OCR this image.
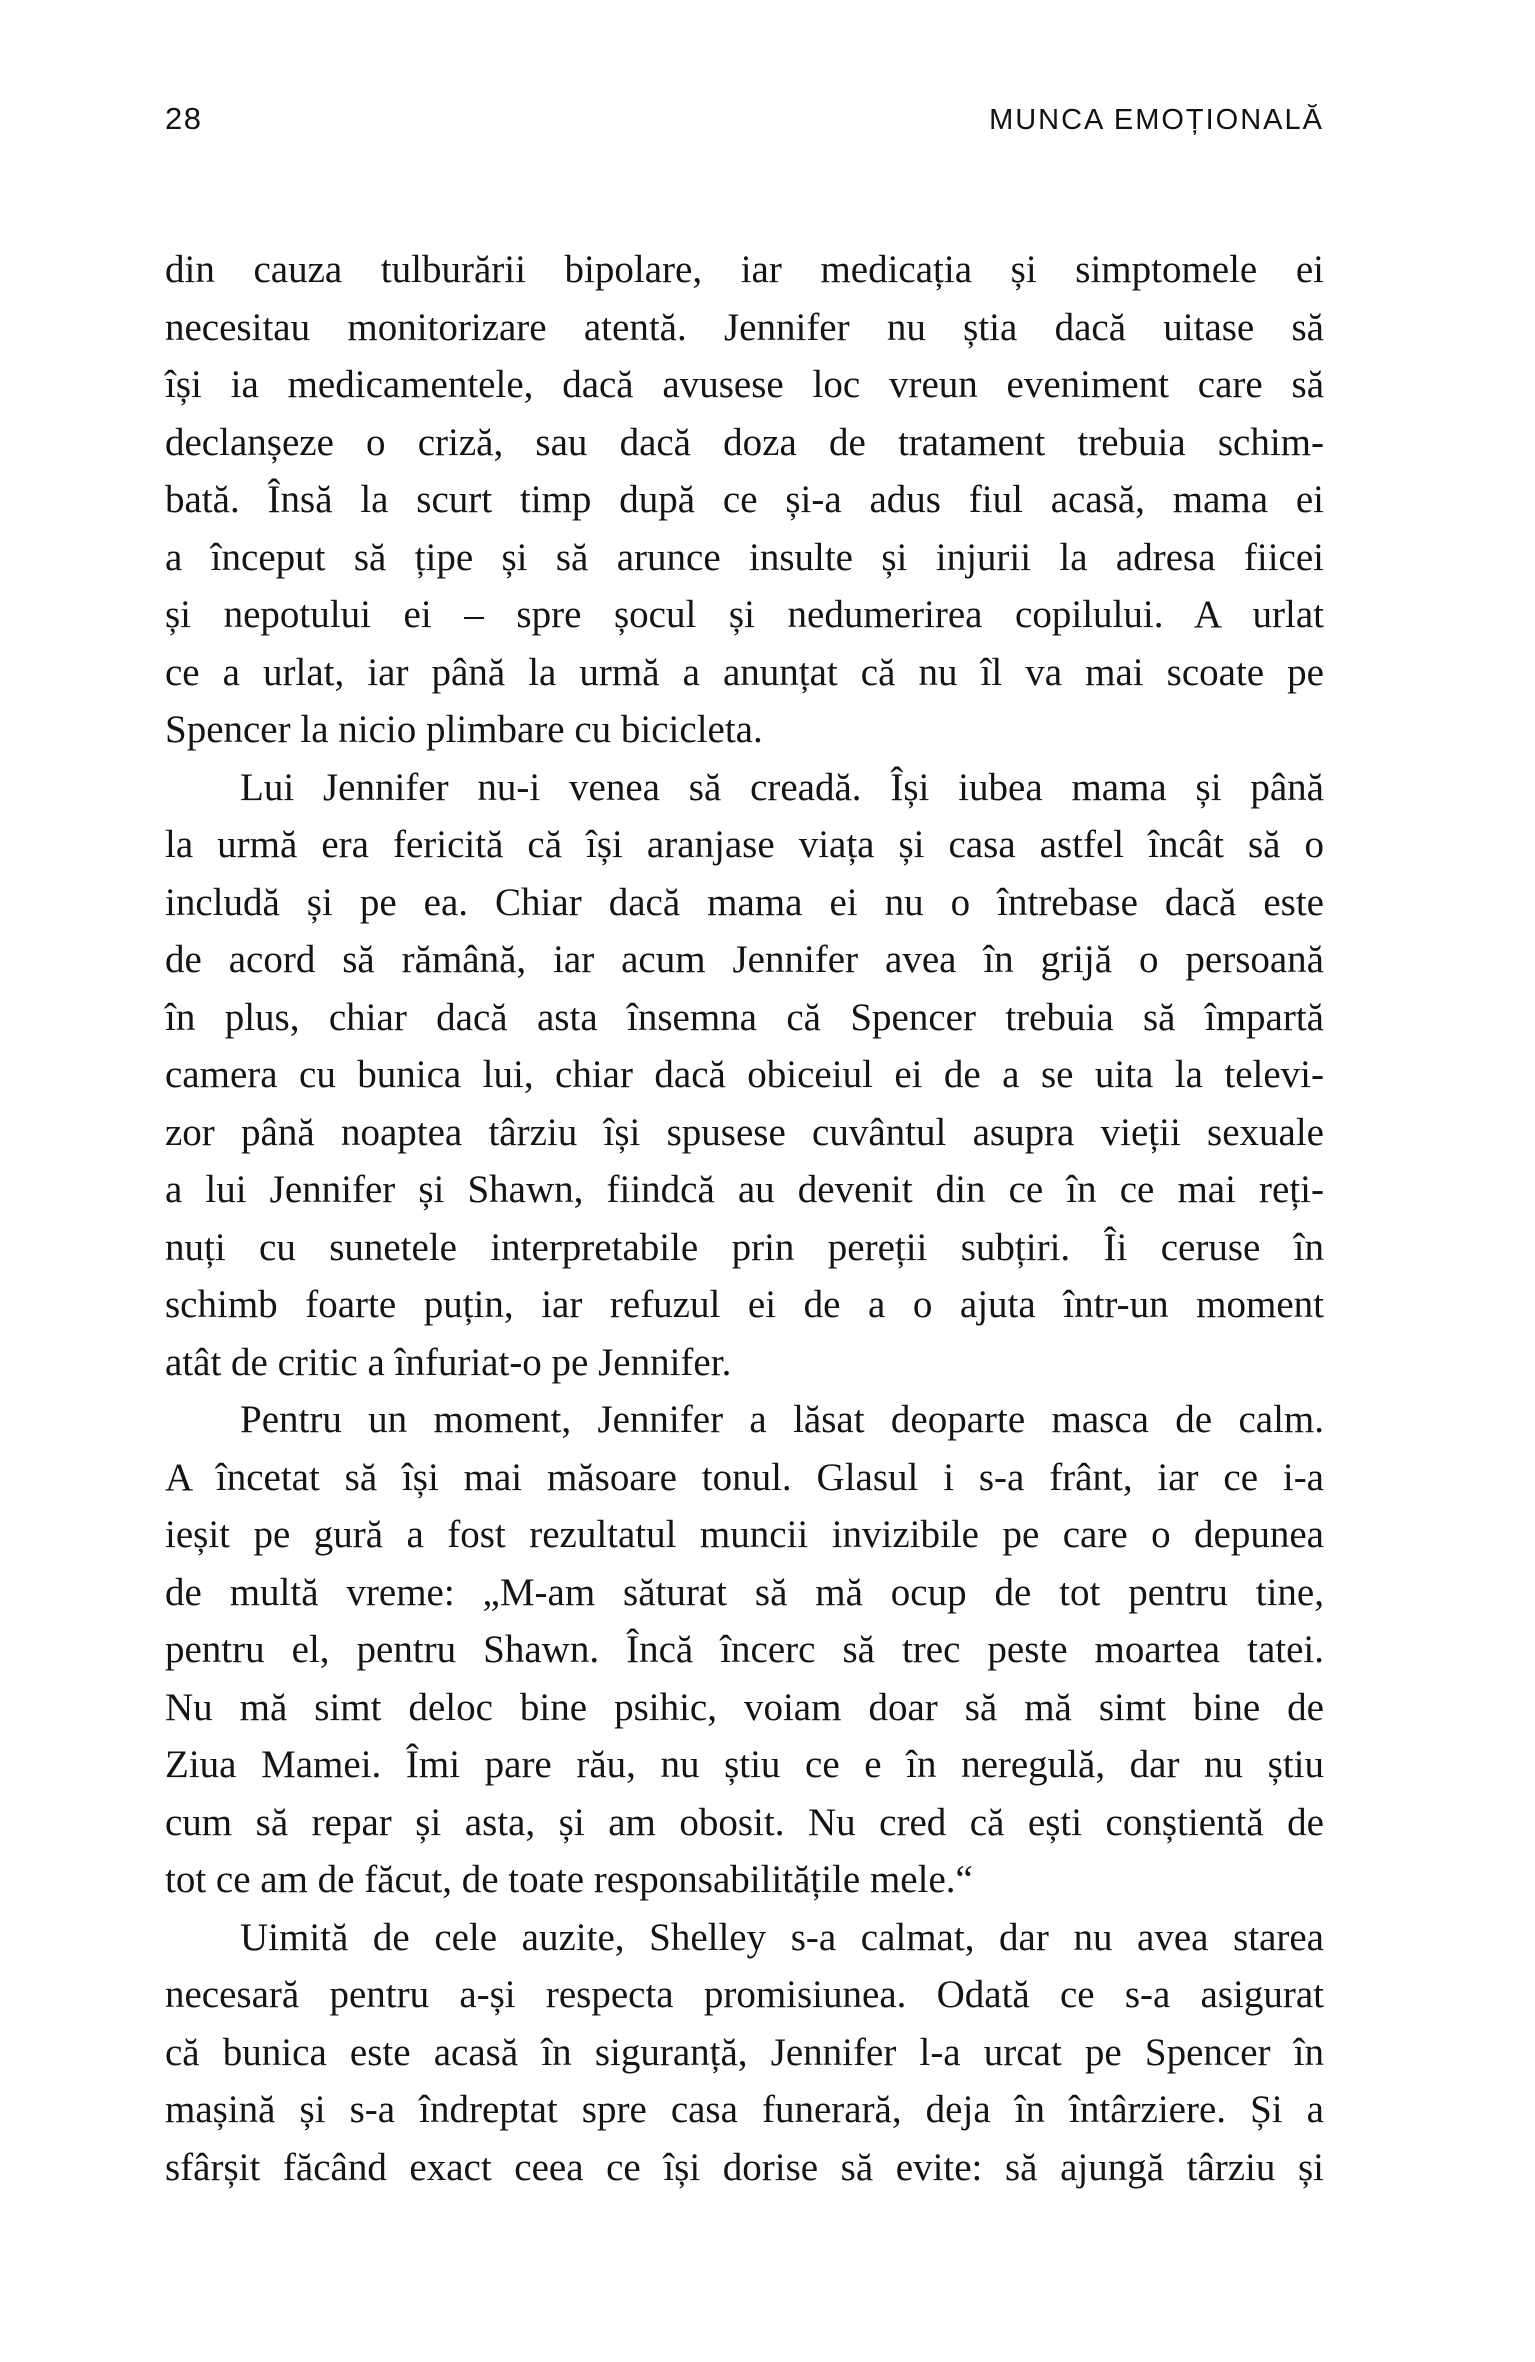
28	MUNCA EMOȚIONALĂ
din cauza tulburării bipolare, iar medicația și simptomele ei
necesitau monitorizare atentă. Jennifer nu știa dacă uitase să
își ia medicamentele, dacă avusese loc vreun eveniment care să
declanșeze o criză, sau dacă doza de tratament trebuia schim-
bată. Însă la scurt timp după ce și-a adus fiul acasă, mama ei
a început să țipe și să arunce insulte și injurii la adresa fiicei
și nepotului ei – spre șocul și nedumerirea copilului. A urlat
ce a urlat, iar până la urmă a anunțat că nu îl va mai scoate pe
Spencer la nicio plimbare cu bicicleta.
Lui Jennifer nu-i venea să creadă. Își iubea mama și până
la urmă era fericită că își aranjase viața și casa astfel încât să o
includă și pe ea. Chiar dacă mama ei nu o întrebase dacă este
de acord să rămână, iar acum Jennifer avea în grijă o persoană
în plus, chiar dacă asta însemna că Spencer trebuia să împartă
camera cu bunica lui, chiar dacă obiceiul ei de a se uita la televi-
zor până noaptea târziu își spusese cuvântul asupra vieții sexuale
a lui Jennifer și Shawn, fiindcă au devenit din ce în ce mai reți-
nuți cu sunetele interpretabile prin pereții subțiri. Îi ceruse în
schimb foarte puțin, iar refuzul ei de a o ajuta într-un moment
atât de critic a înfuriat-o pe Jennifer.
Pentru un moment, Jennifer a lăsat deoparte masca de calm.
A încetat să își mai măsoare tonul. Glasul i s-a frânt, iar ce i-a
ieșit pe gură a fost rezultatul muncii invizibile pe care o depunea
de multă vreme: „M-am săturat să mă ocup de tot pentru tine,
pentru el, pentru Shawn. Încă încerc să trec peste moartea tatei.
Nu mă simt deloc bine psihic, voiam doar să mă simt bine de
Ziua Mamei. Îmi pare rău, nu știu ce e în neregulă, dar nu știu
cum să repar și asta, și am obosit. Nu cred că ești conștientă de
tot ce am de făcut, de toate responsabilitățile mele.“
Uimită de cele auzite, Shelley s-a calmat, dar nu avea starea
necesară pentru a-și respecta promisiunea. Odată ce s-a asigurat
că bunica este acasă în siguranță, Jennifer l-a urcat pe Spencer în
mașină și s-a îndreptat spre casa funerară, deja în întârziere. Și a
sfârșit făcând exact ceea ce își dorise să evite: să ajungă târziu și
